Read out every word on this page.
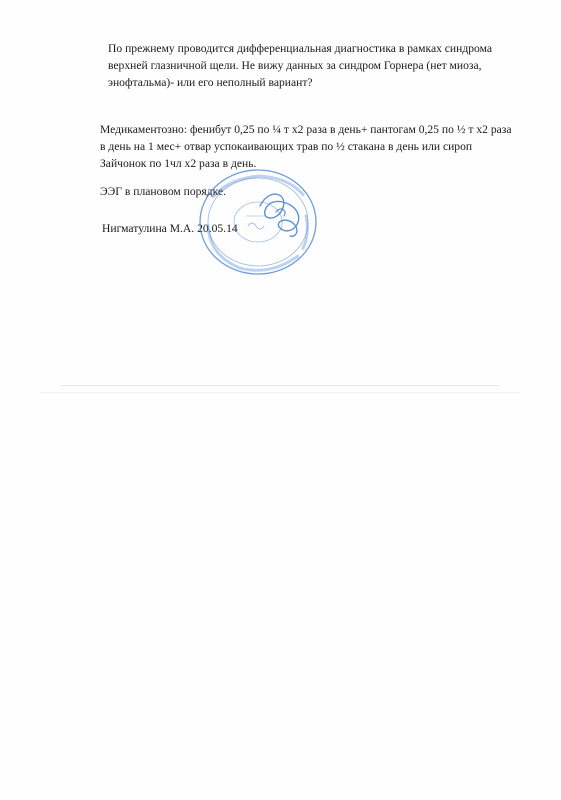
По прежнему проводится дифференциальная диагностика в рамках синдрома
верхней глазничной щели. Не вижу данных за синдром Горнера (нет миоза,
энофтальма)- или его неполный вариант?

Медикаментозно: фенибут 0,25 по ¼ т х2 раза в день+ пантогам 0,25 по ½ т х2 раза
в день на 1 мес+ отвар успокаивающих трав по ½ стакана в день или сироп
Зайчонок по 1чл х2 раза в день.

ЭЭГ в плановом порядке.

Нигматулина М.А. 20.05.14
